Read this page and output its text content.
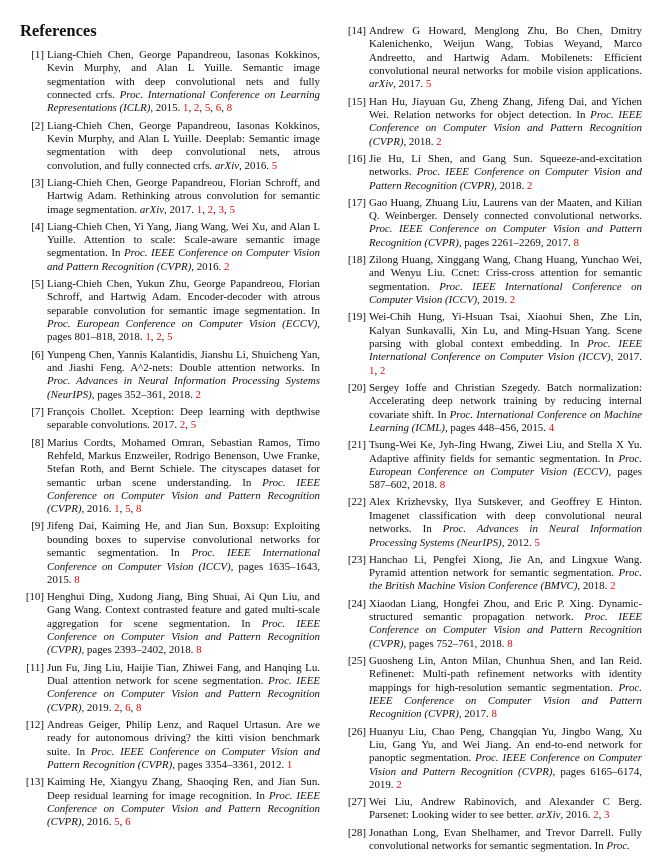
References
[1] Liang-Chieh Chen, George Papandreou, Iasonas Kokkinos, Kevin Murphy, and Alan L Yuille. Semantic image segmentation with deep convolutional nets and fully connected crfs. Proc. International Conference on Learning Representations (ICLR), 2015. 1 , 2 , 5 , 6 , 8
[2] Liang-Chieh Chen, George Papandreou, Iasonas Kokkinos, Kevin Murphy, and Alan L Yuille. Deeplab: Semantic image segmentation with deep convolutional nets, atrous convolution, and fully connected crfs. arXiv, 2016. 5
[3] Liang-Chieh Chen, George Papandreou, Florian Schroff, and Hartwig Adam. Rethinking atrous convolution for semantic image segmentation. arXiv, 2017. 1 , 2 , 3 , 5
[4] Liang-Chieh Chen, Yi Yang, Jiang Wang, Wei Xu, and Alan L Yuille. Attention to scale: Scale-aware semantic image segmentation. In Proc. IEEE Conference on Computer Vision and Pattern Recognition (CVPR), 2016. 2
[5] Liang-Chieh Chen, Yukun Zhu, George Papandreou, Florian Schroff, and Hartwig Adam. Encoder-decoder with atrous separable convolution for semantic image segmentation. In Proc. European Conference on Computer Vision (ECCV), pages 801–818, 2018. 1 , 2 , 5
[6] Yunpeng Chen, Yannis Kalantidis, Jianshu Li, Shuicheng Yan, and Jiashi Feng. A^2-nets: Double attention networks. In Proc. Advances in Neural Information Processing Systems (NeurIPS), pages 352–361, 2018. 2
[7] François Chollet. Xception: Deep learning with depthwise separable convolutions. 2017. 2 , 5
[8] Marius Cordts, Mohamed Omran, Sebastian Ramos, Timo Rehfeld, Markus Enzweiler, Rodrigo Benenson, Uwe Franke, Stefan Roth, and Bernt Schiele. The cityscapes dataset for semantic urban scene understanding. In Proc. IEEE Conference on Computer Vision and Pattern Recognition (CVPR), 2016. 1 , 5 , 8
[9] Jifeng Dai, Kaiming He, and Jian Sun. Boxsup: Exploiting bounding boxes to supervise convolutional networks for semantic segmentation. In Proc. IEEE International Conference on Computer Vision (ICCV), pages 1635–1643, 2015. 8
[10] Henghui Ding, Xudong Jiang, Bing Shuai, Ai Qun Liu, and Gang Wang. Context contrasted feature and gated multi-scale aggregation for scene segmentation. In Proc. IEEE Conference on Computer Vision and Pattern Recognition (CVPR), pages 2393–2402, 2018. 8
[11] Jun Fu, Jing Liu, Haijie Tian, Zhiwei Fang, and Hanqing Lu. Dual attention network for scene segmentation. Proc. IEEE Conference on Computer Vision and Pattern Recognition (CVPR), 2019. 2 , 6 , 8
[12] Andreas Geiger, Philip Lenz, and Raquel Urtasun. Are we ready for autonomous driving? the kitti vision benchmark suite. In Proc. IEEE Conference on Computer Vision and Pattern Recognition (CVPR), pages 3354–3361, 2012. 1
[13] Kaiming He, Xiangyu Zhang, Shaoqing Ren, and Jian Sun. Deep residual learning for image recognition. In Proc. IEEE Conference on Computer Vision and Pattern Recognition (CVPR), 2016. 5 , 6
[14] Andrew G Howard, Menglong Zhu, Bo Chen, Dmitry Kalenichenko, Weijun Wang, Tobias Weyand, Marco Andreetto, and Hartwig Adam. Mobilenets: Efficient convolutional neural networks for mobile vision applications. arXiv, 2017. 5
[15] Han Hu, Jiayuan Gu, Zheng Zhang, Jifeng Dai, and Yichen Wei. Relation networks for object detection. In Proc. IEEE Conference on Computer Vision and Pattern Recognition (CVPR), 2018. 2
[16] Jie Hu, Li Shen, and Gang Sun. Squeeze-and-excitation networks. Proc. IEEE Conference on Computer Vision and Pattern Recognition (CVPR), 2018. 2
[17] Gao Huang, Zhuang Liu, Laurens van der Maaten, and Kilian Q. Weinberger. Densely connected convolutional networks. Proc. IEEE Conference on Computer Vision and Pattern Recognition (CVPR), pages 2261–2269, 2017. 8
[18] Zilong Huang, Xinggang Wang, Chang Huang, Yunchao Wei, and Wenyu Liu. Ccnet: Criss-cross attention for semantic segmentation. Proc. IEEE International Conference on Computer Vision (ICCV), 2019. 2
[19] Wei-Chih Hung, Yi-Hsuan Tsai, Xiaohui Shen, Zhe Lin, Kalyan Sunkavalli, Xin Lu, and Ming-Hsuan Yang. Scene parsing with global context embedding. In Proc. IEEE International Conference on Computer Vision (ICCV), 2017. 1 , 2
[20] Sergey Ioffe and Christian Szegedy. Batch normalization: Accelerating deep network training by reducing internal covariate shift. In Proc. International Conference on Machine Learning (ICML), pages 448–456, 2015. 4
[21] Tsung-Wei Ke, Jyh-Jing Hwang, Ziwei Liu, and Stella X Yu. Adaptive affinity fields for semantic segmentation. In Proc. European Conference on Computer Vision (ECCV), pages 587–602, 2018. 8
[22] Alex Krizhevsky, Ilya Sutskever, and Geoffrey E Hinton. Imagenet classification with deep convolutional neural networks. In Proc. Advances in Neural Information Processing Systems (NeurIPS), 2012. 5
[23] Hanchao Li, Pengfei Xiong, Jie An, and Lingxue Wang. Pyramid attention network for semantic segmentation. Proc. the British Machine Vision Conference (BMVC), 2018. 2
[24] Xiaodan Liang, Hongfei Zhou, and Eric P. Xing. Dynamic-structured semantic propagation network. Proc. IEEE Conference on Computer Vision and Pattern Recognition (CVPR), pages 752–761, 2018. 8
[25] Guosheng Lin, Anton Milan, Chunhua Shen, and Ian Reid. Refinenet: Multi-path refinement networks with identity mappings for high-resolution semantic segmentation. Proc. IEEE Conference on Computer Vision and Pattern Recognition (CVPR), 2017. 8
[26] Huanyu Liu, Chao Peng, Changqian Yu, Jingbo Wang, Xu Liu, Gang Yu, and Wei Jiang. An end-to-end network for panoptic segmentation. Proc. IEEE Conference on Computer Vision and Pattern Recognition (CVPR), pages 6165–6174, 2019. 2
[27] Wei Liu, Andrew Rabinovich, and Alexander C Berg. Parsenet: Looking wider to see better. arXiv, 2016. 2 , 3
[28] Jonathan Long, Evan Shelhamer, and Trevor Darrell. Fully convolutional networks for semantic segmentation. In Proc.
